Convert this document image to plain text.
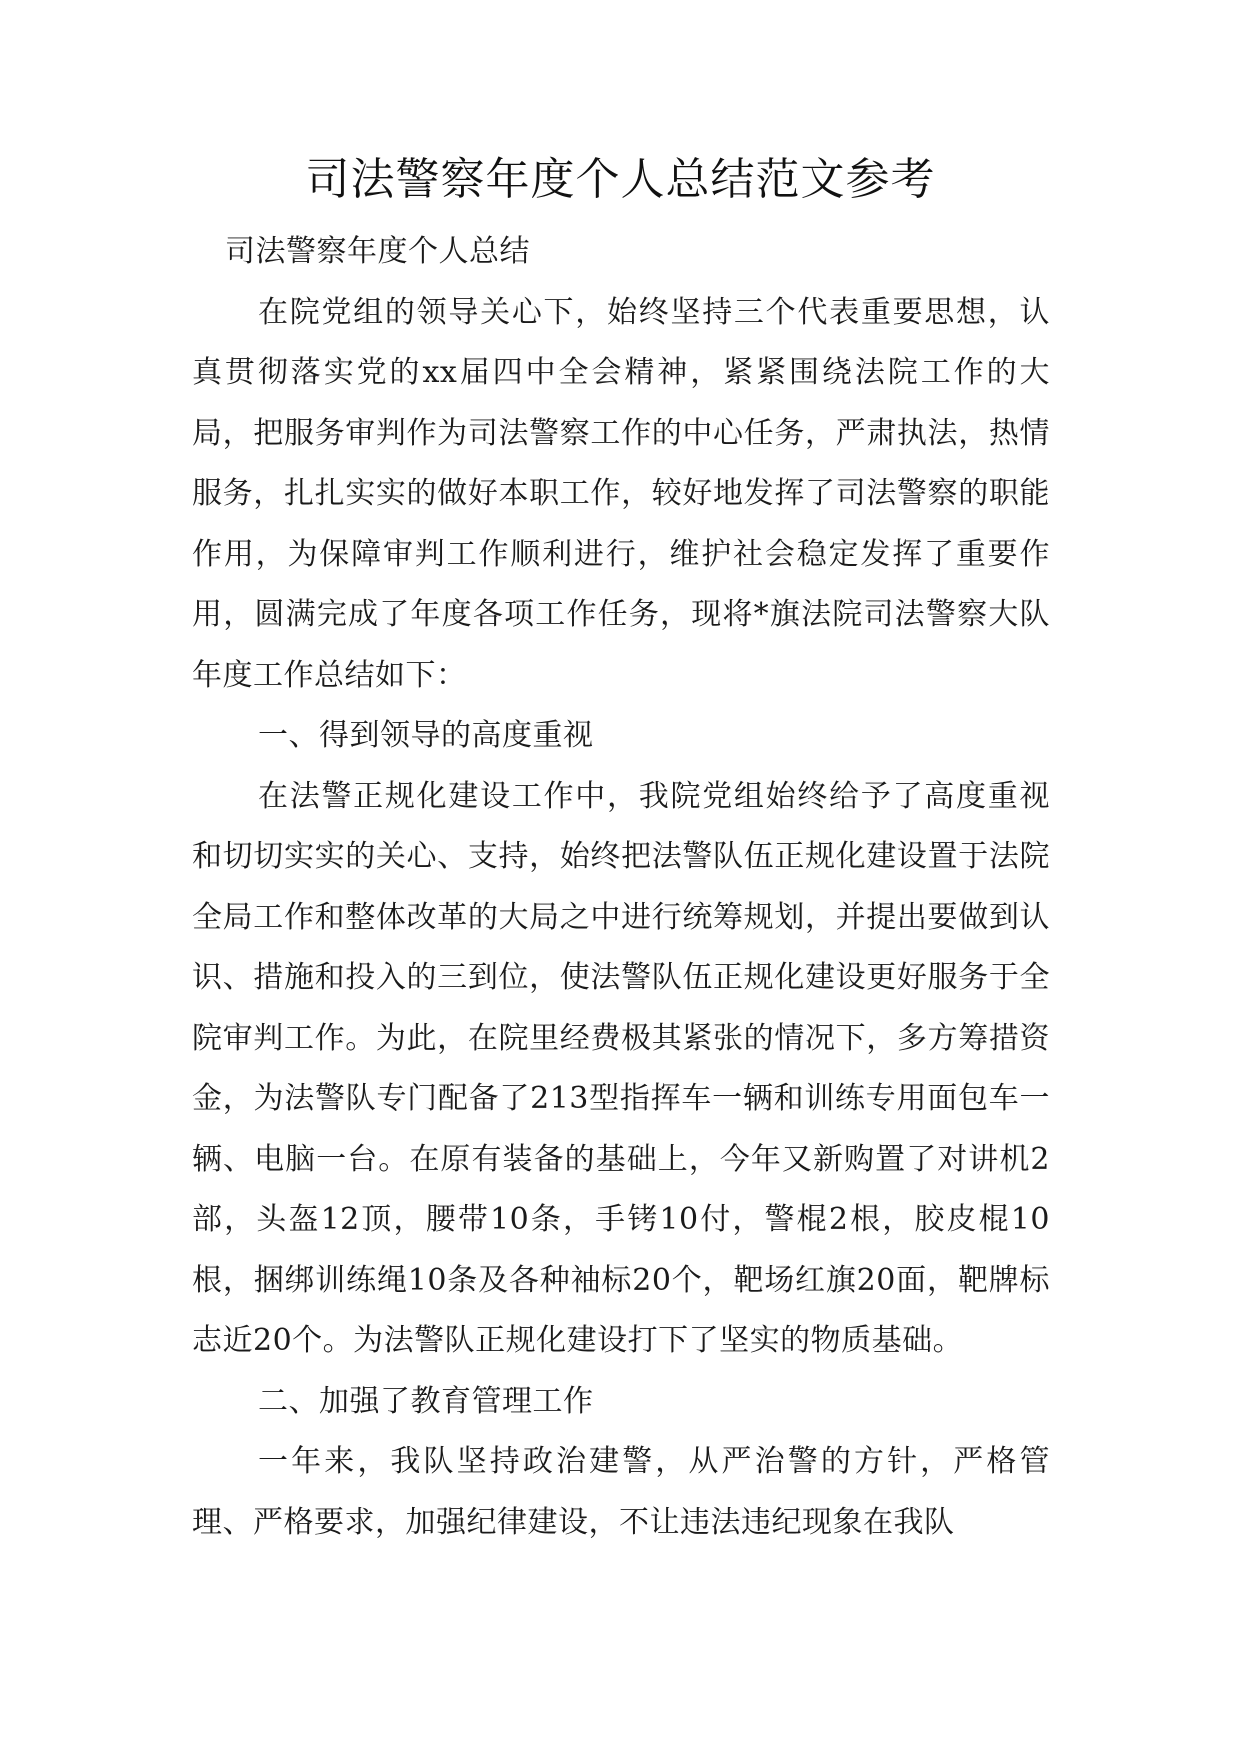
司法警察年度个人总结范文参考

司法警察年度个人总结

在院党组的领导关心下，始终坚持三个代表重要思想，认真贯彻落实党的xx届四中全会精神，紧紧围绕法院工作的大局，把服务审判作为司法警察工作的中心任务，严肃执法，热情服务，扎扎实实的做好本职工作，较好地发挥了司法警察的职能作用，为保障审判工作顺利进行，维护社会稳定发挥了重要作用，圆满完成了年度各项工作任务，现将*旗法院司法警察大队年度工作总结如下：

一、得到领导的高度重视

在法警正规化建设工作中，我院党组始终给予了高度重视和切切实实的关心、支持，始终把法警队伍正规化建设置于法院全局工作和整体改革的大局之中进行统筹规划，并提出要做到认识、措施和投入的三到位，使法警队伍正规化建设更好服务于全院审判工作。为此，在院里经费极其紧张的情况下，多方筹措资金，为法警队专门配备了213型指挥车一辆和训练专用面包车一辆、电脑一台。在原有装备的基础上，今年又新购置了对讲机2部，头盔12顶，腰带10条，手铐10付，警棍2根，胶皮棍10根，捆绑训练绳10条及各种袖标20个，靶场红旗20面，靶牌标志近20个。为法警队正规化建设打下了坚实的物质基础。

二、加强了教育管理工作

一年来，我队坚持政治建警，从严治警的方针，严格管理、严格要求，加强纪律建设，不让违法违纪现象在我队
